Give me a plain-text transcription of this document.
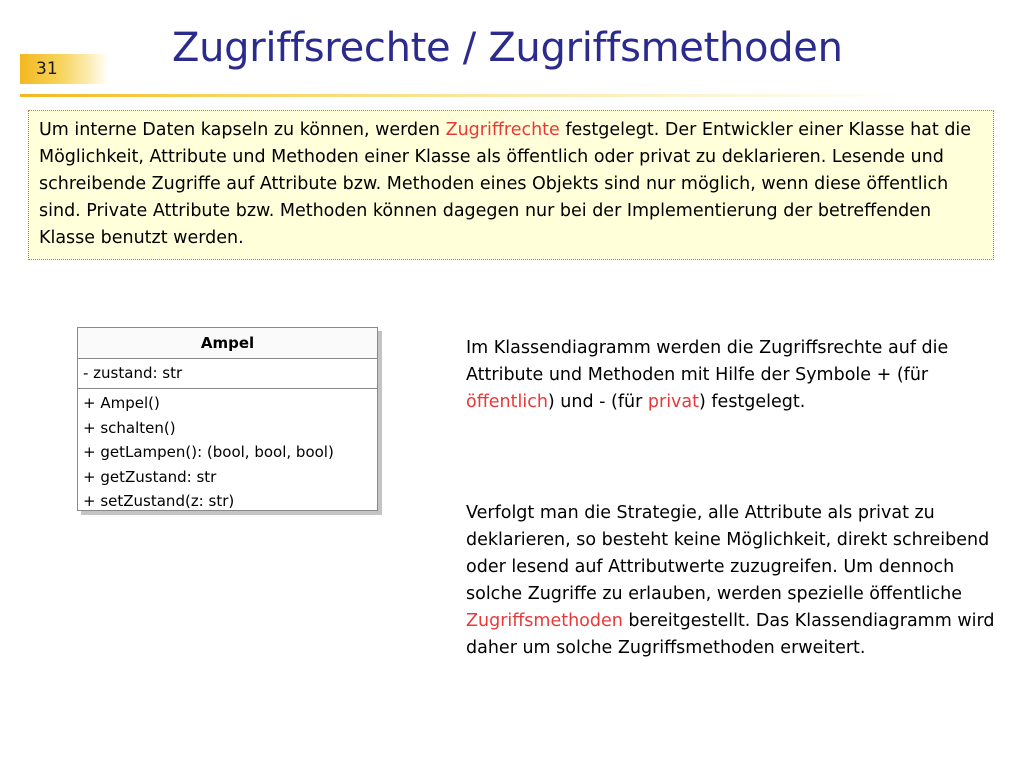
31	Zugriffsrechte / Zugriffsmethoden
Um interne Daten kapseln zu können, werden Zugriffrechte festgelegt. Der Entwickler einer Klasse hat die Möglichkeit, Attribute und Methoden einer Klasse als öffentlich oder privat zu deklarieren. Lesende und schreibende Zugriffe auf Attribute bzw. Methoden eines Objekts sind nur möglich, wenn diese öffentlich sind. Private Attribute bzw. Methoden können dagegen nur bei der Implementierung der betreffenden Klasse benutzt werden.
Ampel
- zustand: str
+ Ampel()
+ schalten()
+ getLampen(): (bool, bool, bool)
+ getZustand: str
+ setZustand(z: str)
Im Klassendiagramm werden die Zugriffsrechte auf die Attribute und Methoden mit Hilfe der Symbole + (für öffentlich) und - (für privat) festgelegt.
Verfolgt man die Strategie, alle Attribute als privat zu deklarieren, so besteht keine Möglichkeit, direkt schreibend oder lesend auf Attributwerte zuzugreifen. Um dennoch solche Zugriffe zu erlauben, werden spezielle öffentliche Zugriffsmethoden bereitgestellt. Das Klassendiagramm wird daher um solche Zugriffsmethoden erweitert.
